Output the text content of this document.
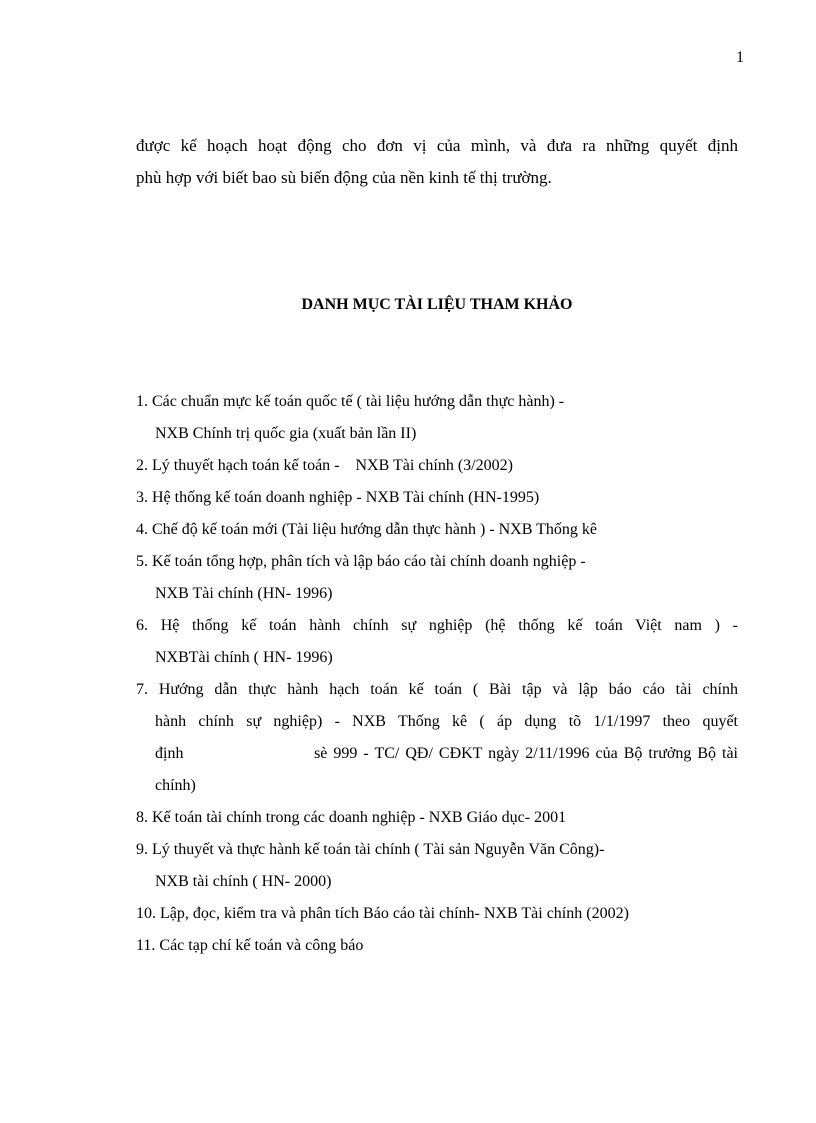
1
được kế hoạch hoạt động cho đơn vị của mình, và đưa ra những quyết định
phù hợp với biết bao sù biến động của nền kinh tế thị trường.
DANH MỤC TÀI LIỆU THAM KHẢO
1. Các chuẩn mực kế toán quốc tế ( tài liệu hướng dẫn thực hành) -
NXB Chính trị quốc gia (xuất bản lần II)
2. Lý thuyết hạch toán kế toán -    NXB Tài chính (3/2002)
3. Hệ thống kế toán doanh nghiệp - NXB Tài chính (HN-1995)
4. Chế độ kế toán mới (Tài liệu hướng dẫn thực hành ) - NXB Thống kê
5. Kế toán tổng hợp, phân tích và lập báo cáo tài chính doanh nghiệp -
NXB Tài chính (HN- 1996)
6. Hệ thống kế toán hành chính sự nghiệp (hệ thống kế toán Việt nam ) -
NXBTài chính ( HN- 1996)
7. Hướng dẫn thực hành hạch toán kế toán ( Bài tập và lập báo cáo tài chính
hành chính sự nghiệp) - NXB Thống kê ( áp dụng tõ 1/1/1997 theo quyết
định	sè 999 - TC/ QĐ/ CĐKT ngày 2/11/1996 của Bộ trưởng Bộ tài
chính)
8. Kế toán tài chính trong các doanh nghiệp - NXB Giáo dục- 2001
9. Lý thuyết và thực hành kế toán tài chính ( Tài sản Nguyễn Văn Công)-
NXB tài chính ( HN- 2000)
10. Lập, đọc, kiểm tra và phân tích Báo cáo tài chính- NXB Tài chính (2002)
11. Các tạp chí kế toán và công báo
